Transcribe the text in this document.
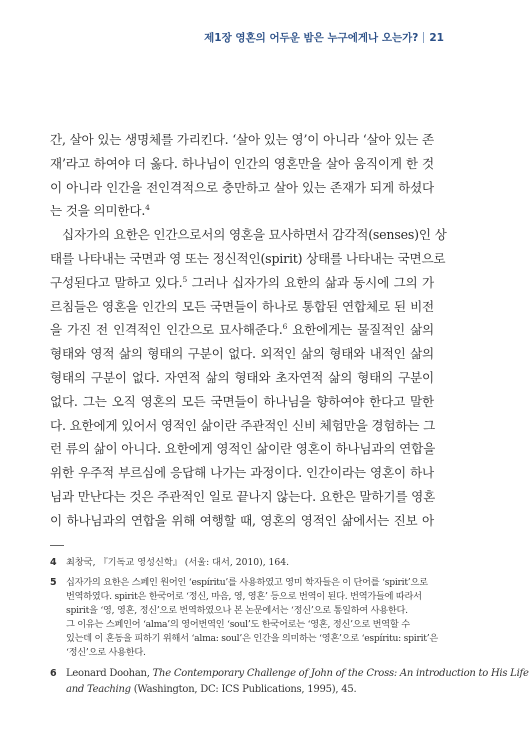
제1장 영혼의 어두운 밤은 누구에게나 오는가? 21
간, 살아 있는 생명체를 가리킨다. ‘살아 있는 영’이 아니라 ‘살아 있는 존
재’라고 하여야 더 옳다. 하나님이 인간의 영혼만을 살아 움직이게 한 것
이 아니라 인간을 전인격적으로 충만하고 살아 있는 존재가 되게 하셨다
는 것을 의미한다.$^4$
십자가의 요한은 인간으로서의 영혼을 묘사하면서 감각적(senses)인 상
태를 나타내는 국면과 영 또는 정신적인(spirit) 상태를 나타내는 국면으로
구성된다고 말하고 있다.$^5$ 그러나 십자가의 요한의 삶과 동시에 그의 가
르침들은 영혼을 인간의 모든 국면들이 하나로 통합된 연합체로 된 비전
을 가진 전 인격적인 인간으로 묘사해준다.$^6$ 요한에게는 물질적인 삶의
형태와 영적 삶의 형태의 구분이 없다. 외적인 삶의 형태와 내적인 삶의
형태의 구분이 없다. 자연적 삶의 형태와 초자연적 삶의 형태의 구분이
없다. 그는 오직 영혼의 모든 국면들이 하나님을 향하여야 한다고 말한
다. 요한에게 있어서 영적인 삶이란 주관적인 신비 체험만을 경험하는 그
런 류의 삶이 아니다. 요한에게 영적인 삶이란 영혼이 하나님과의 연합을
위한 우주적 부르심에 응답해 나가는 과정이다. 인간이라는 영혼이 하나
님과 만난다는 것은 주관적인 일로 끝나지 않는다. 요한은 말하기를 영혼
이 하나님과의 연합을 위해 여행할 때, 영혼의 영적인 삶에서는 진보 아
4	최창국, 『기독교 영성신학』 (서울: 대서, 2010), 164.
5	십자가의 요한은 스페인 원어인 ‘espíritu’를 사용하였고 영미 학자들은 이 단어를 ‘spirit’으로
번역하였다. spirit은 한국어로 ‘정신, 마음, 영, 영혼’ 등으로 번역이 된다. 번역가들에 따라서
spirit을 ‘영, 영혼, 정신’으로 번역하였으나 본 논문에서는 ‘정신’으로 통일하여 사용한다.
그 이유는 스페인어 ‘alma’의 영어번역인 ‘soul’도 한국어로는 ‘영혼, 정신’으로 번역할 수
있는데 이 혼동을 피하기 위해서 ‘alma: soul’은 인간을 의미하는 ‘영혼’으로 ‘espíritu: spirit’은
‘정신’으로 사용한다.
6 Leonard Doohan, The Contemporary Challenge of John of the Cross: An introduction to His Life
and Teaching (Washington, DC: ICS Publications, 1995), 45.
